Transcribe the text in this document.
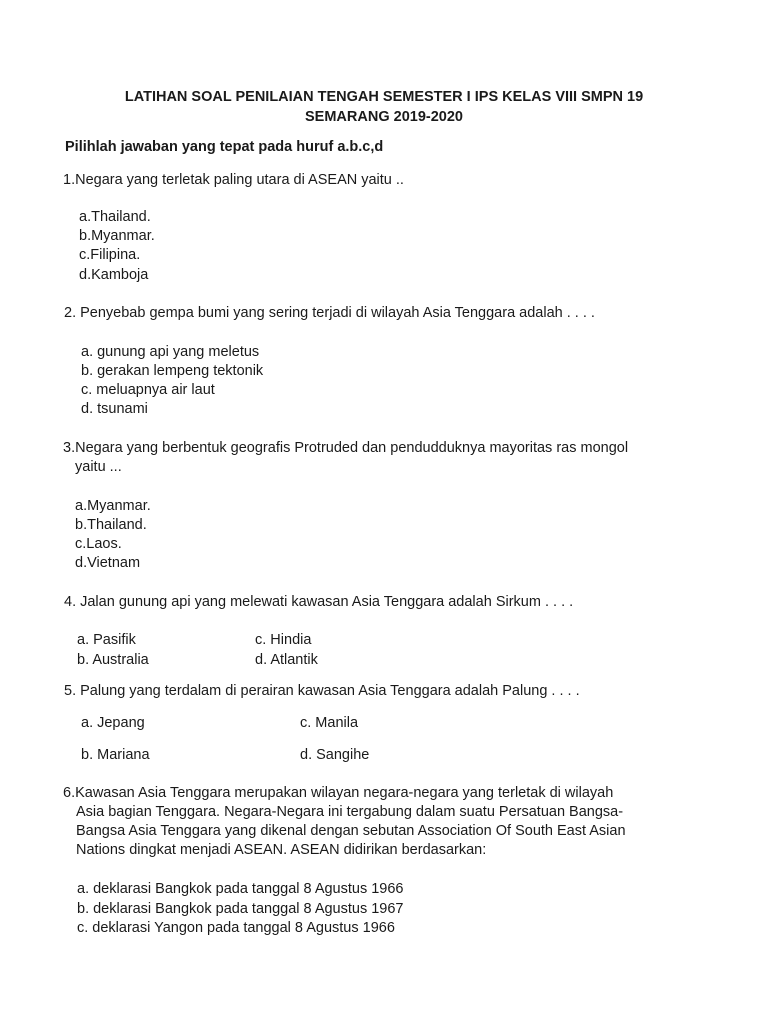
LATIHAN SOAL PENILAIAN TENGAH SEMESTER I IPS KELAS VIII SMPN 19
SEMARANG 2019-2020
Pilihlah jawaban yang tepat pada huruf a.b.c,d
1.Negara yang terletak paling utara di ASEAN yaitu ..
a.Thailand.
b.Myanmar.
c.Filipina.
d.Kamboja
2. Penyebab gempa bumi yang sering terjadi di wilayah Asia Tenggara adalah . . . .
a. gunung api yang meletus
b. gerakan lempeng tektonik
c. meluapnya air laut
d. tsunami
3.Negara yang berbentuk geografis Protruded dan pendudduknya mayoritas ras mongol
yaitu ...
a.Myanmar.
b.Thailand.
c.Laos.
d.Vietnam
4. Jalan gunung api yang melewati kawasan Asia Tenggara adalah Sirkum . . . .
a. Pasifik	c. Hindia
b. Australia	d. Atlantik
5. Palung yang terdalam di perairan kawasan Asia Tenggara adalah Palung . . . .
a. Jepang	c. Manila
b. Mariana	d. Sangihe
6.Kawasan Asia Tenggara merupakan wilayan negara-negara yang terletak di wilayah
Asia bagian Tenggara. Negara-Negara ini tergabung dalam suatu Persatuan Bangsa-
Bangsa Asia Tenggara yang dikenal dengan sebutan Association Of South East Asian
Nations dingkat menjadi ASEAN. ASEAN didirikan berdasarkan:
a. deklarasi Bangkok pada tanggal 8 Agustus 1966
b. deklarasi Bangkok pada tanggal 8 Agustus 1967
c. deklarasi Yangon pada tanggal 8 Agustus 1966
